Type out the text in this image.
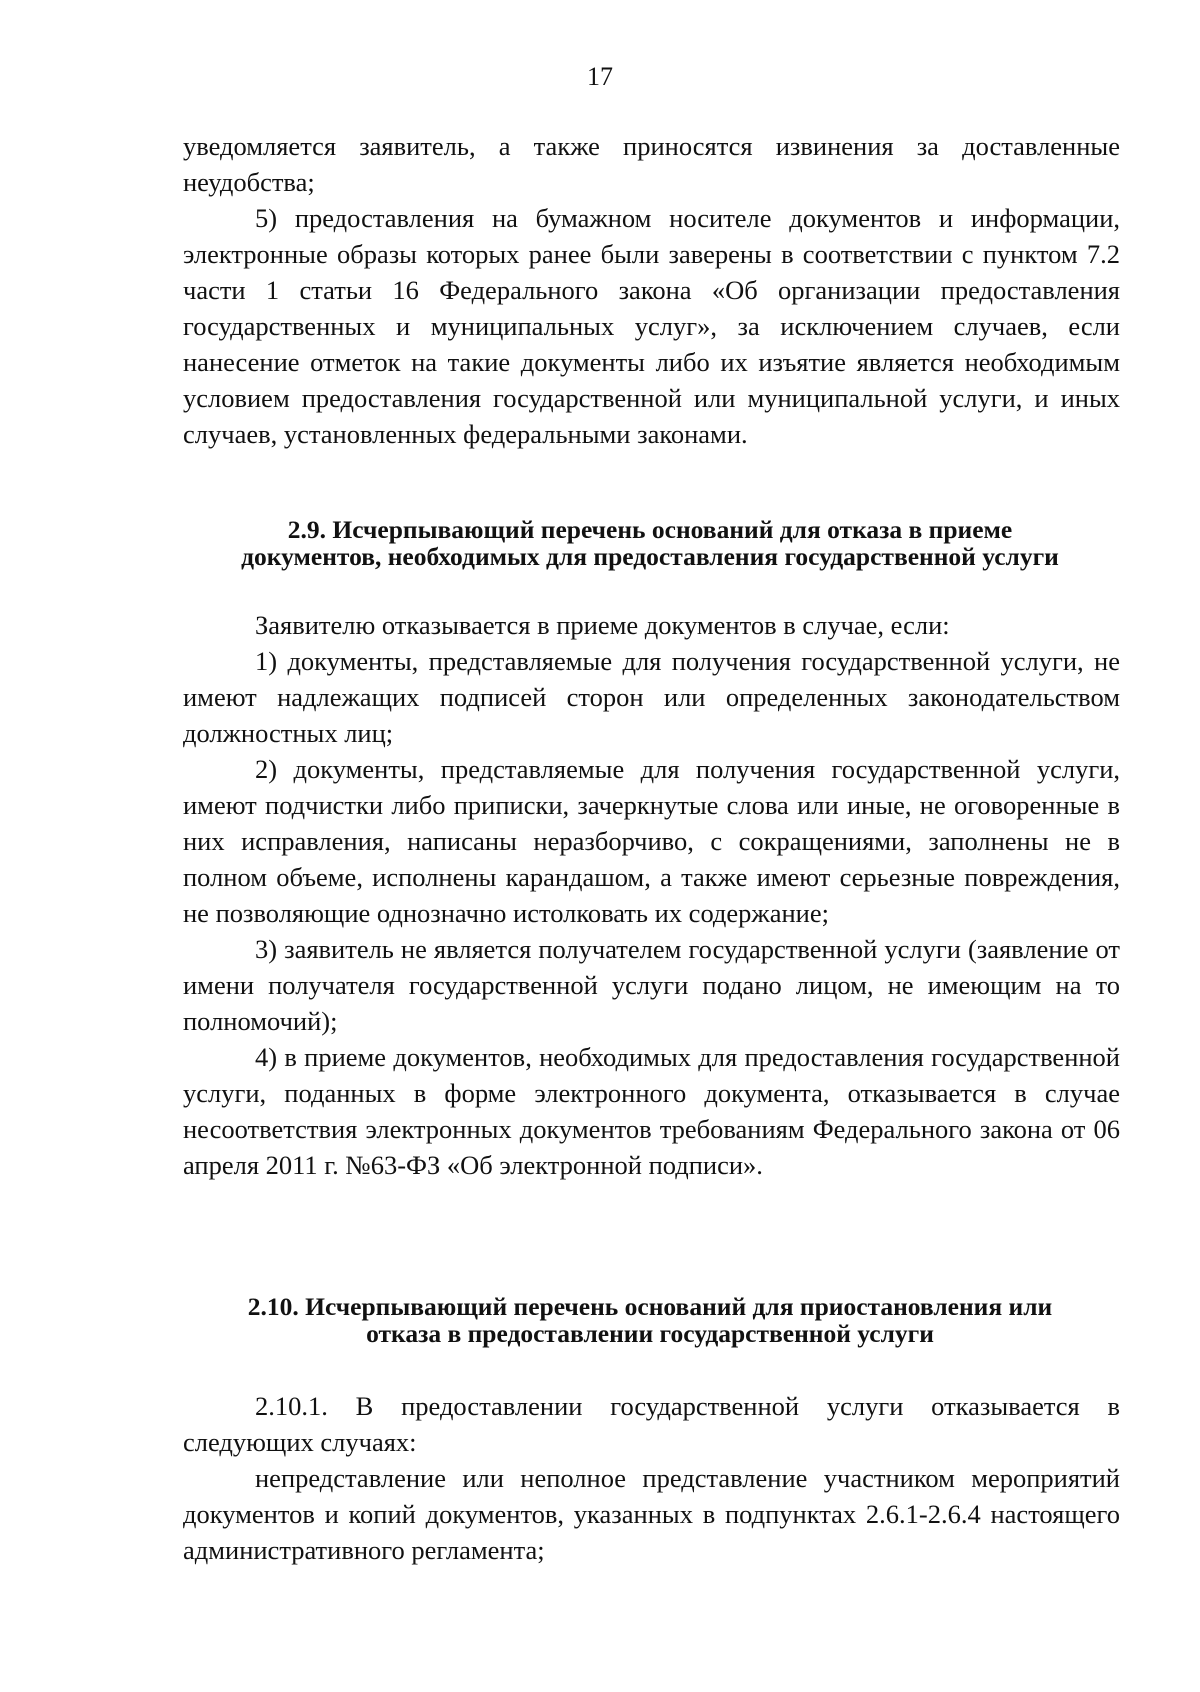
17

уведомляется заявитель, а также приносятся извинения за доставленные неудобства;

5) предоставления на бумажном носителе документов и информации, электронные образы которых ранее были заверены в соответствии с пунктом 7.2 части 1 статьи 16 Федерального закона «Об организации предоставления государственных и муниципальных услуг», за исключением случаев, если нанесение отметок на такие документы либо их изъятие является необходимым условием предоставления государственной или муниципальной услуги, и иных случаев, установленных федеральными законами.

2.9. Исчерпывающий перечень оснований для отказа в приеме
документов, необходимых для предоставления государственной услуги

Заявителю отказывается в приеме документов в случае, если:

1) документы, представляемые для получения государственной услуги, не имеют надлежащих подписей сторон или определенных законодательством должностных лиц;

2) документы, представляемые для получения государственной услуги, имеют подчистки либо приписки, зачеркнутые слова или иные, не оговоренные в них исправления, написаны неразборчиво, с сокращениями, заполнены не в полном объеме, исполнены карандашом, а также имеют серьезные повреждения, не позволяющие однозначно истолковать их содержание;

3) заявитель не является получателем государственной услуги (заявление от имени получателя государственной услуги подано лицом, не имеющим на то полномочий);

4) в приеме документов, необходимых для предоставления государственной услуги, поданных в форме электронного документа, отказывается в случае несоответствия электронных документов требованиям Федерального закона от 06 апреля 2011 г. №63-ФЗ «Об электронной подписи».

2.10. Исчерпывающий перечень оснований для приостановления или
отказа в предоставлении государственной услуги

2.10.1. В предоставлении государственной услуги отказывается в следующих случаях:

непредставление или неполное представление участником мероприятий документов и копий документов, указанных в подпунктах 2.6.1-2.6.4 настоящего административного регламента;
